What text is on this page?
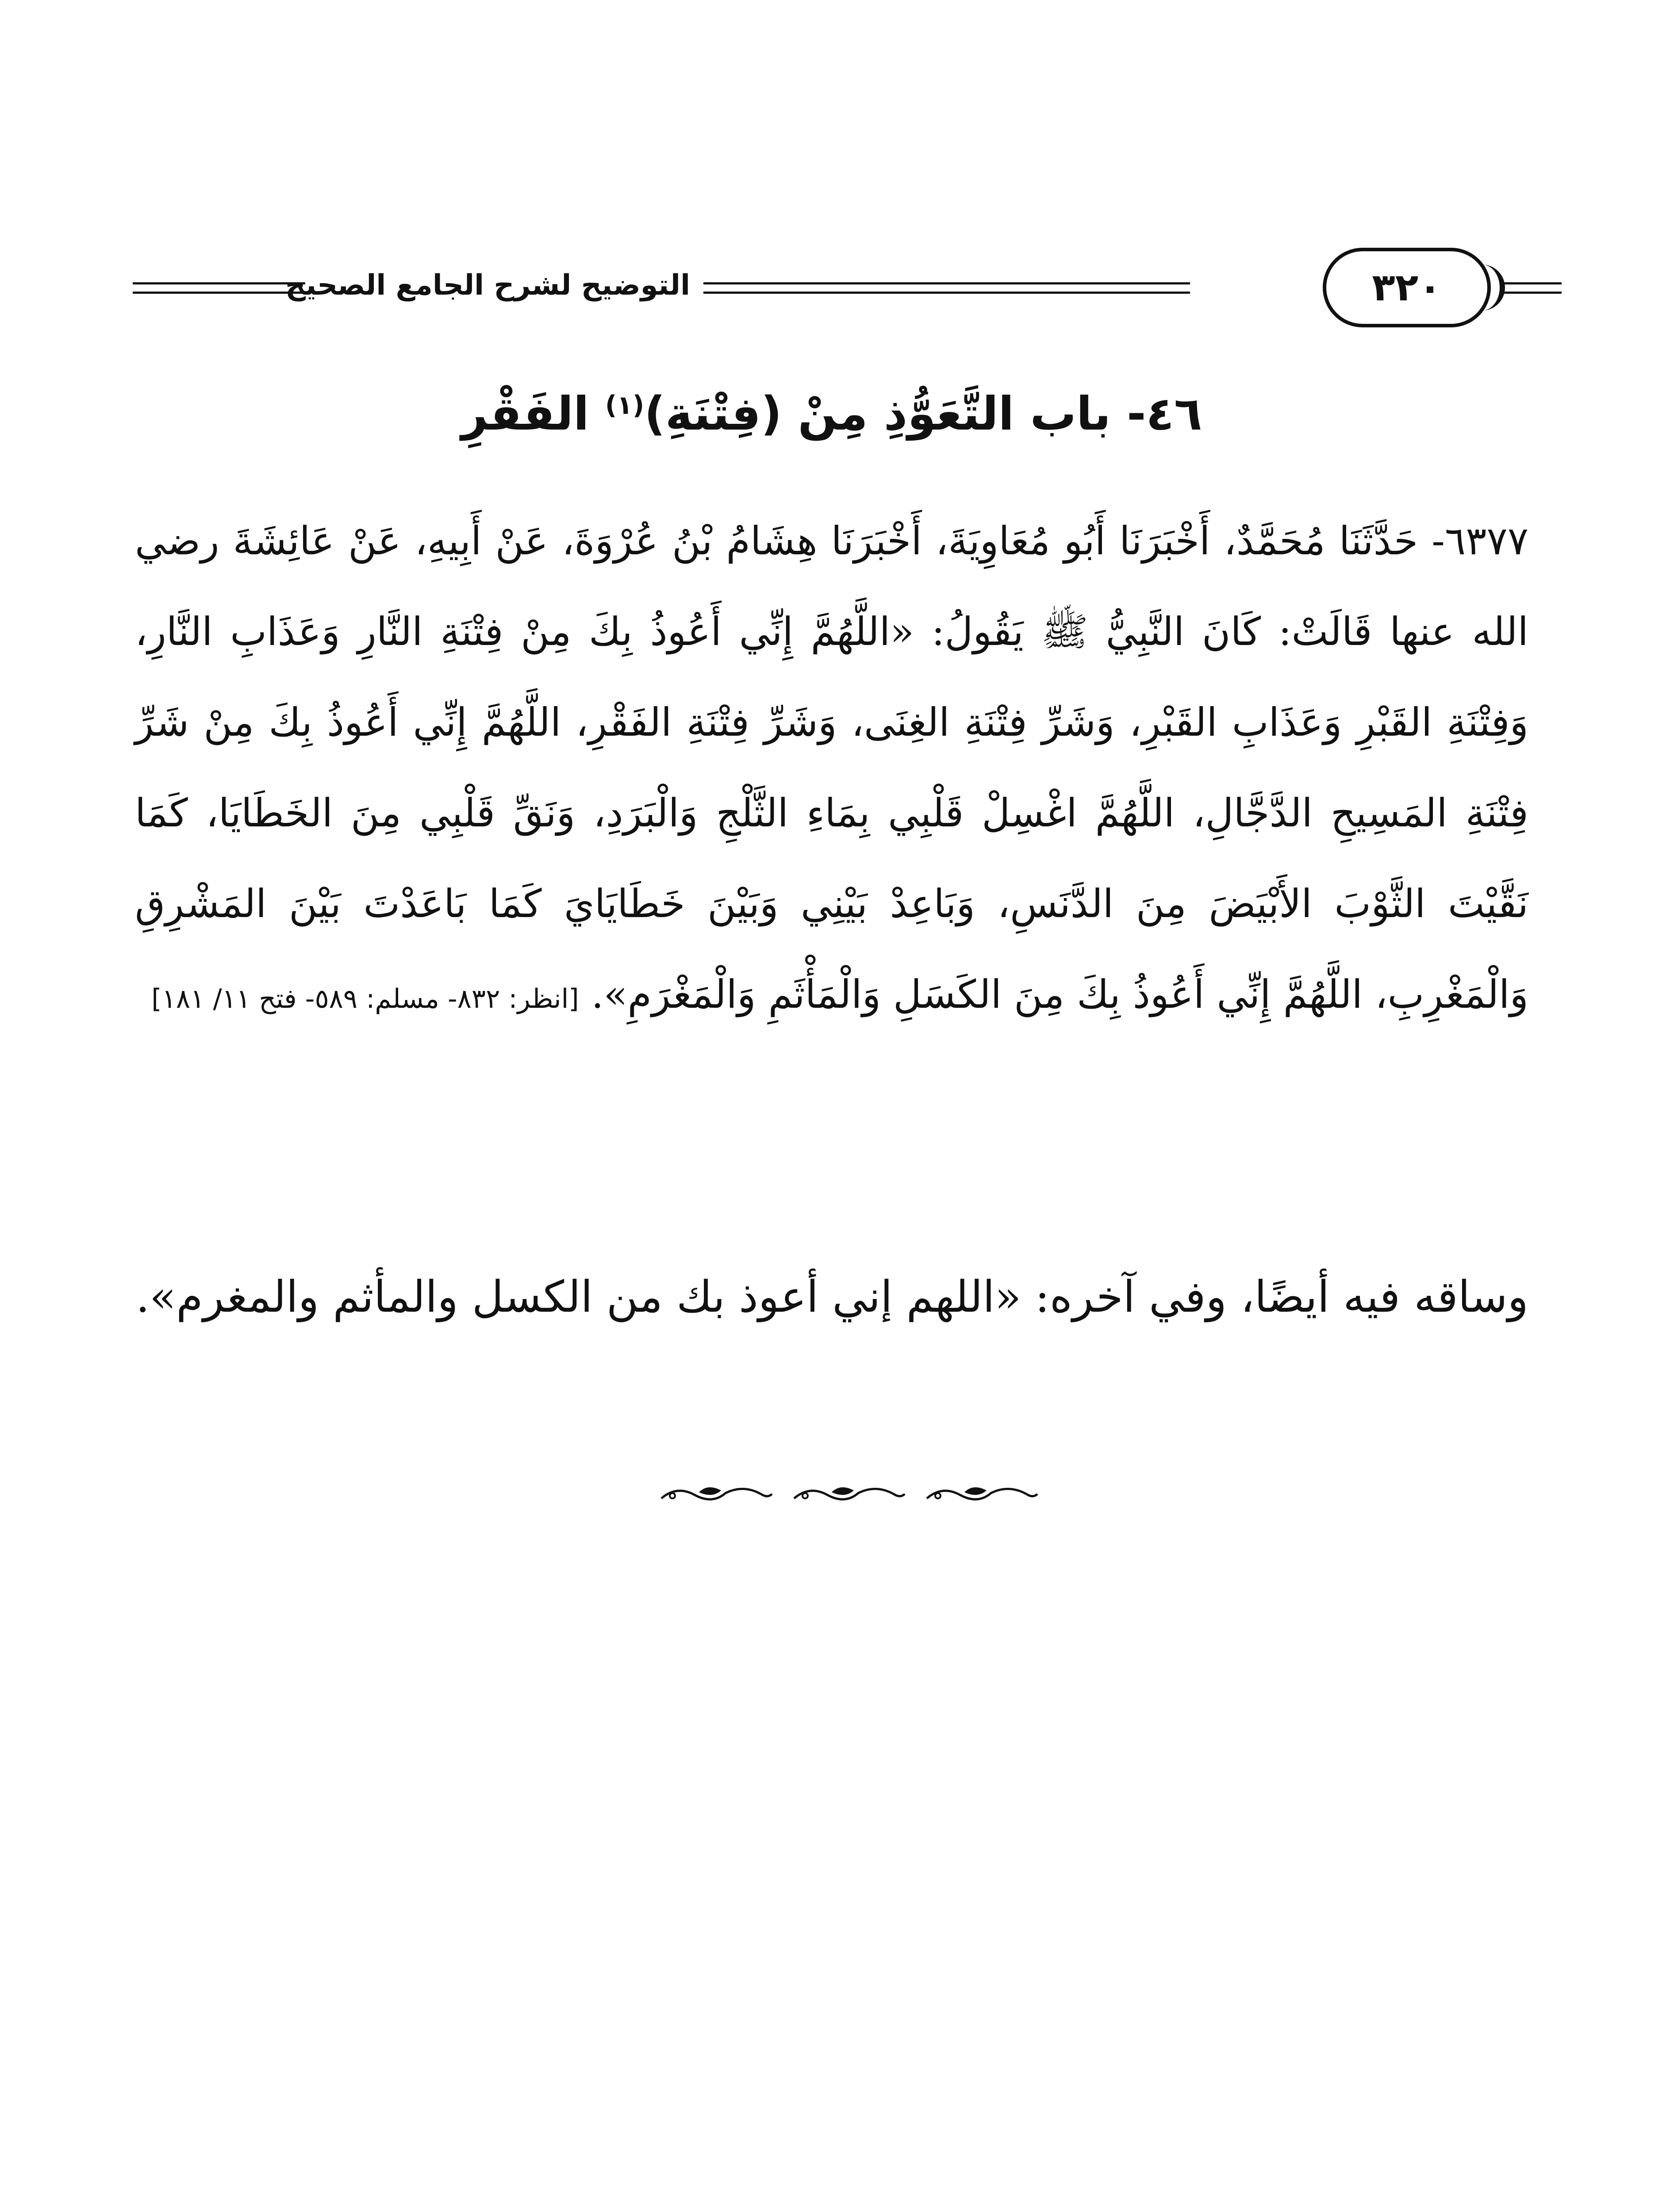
التوضيح لشرح الجامع الصحيح	٣٢٠
٤٦- باب التَّعَوُّذِ مِنْ (فِتْنَةِ)$^{(١)}$ الفَقْرِ
٦٣٧٧- حَدَّثَنَا مُحَمَّدٌ، أَخْبَرَنَا أَبُو مُعَاوِيَةَ، أَخْبَرَنَا هِشَامُ بْنُ عُرْوَةَ، عَنْ أَبِيهِ، عَنْ عَائِشَةَ رضي الله عنها قَالَتْ: كَانَ النَّبِيُّ ﷺ يَقُولُ: «اللَّهُمَّ إِنِّي أَعُوذُ بِكَ مِنْ فِتْنَةِ النَّارِ وَعَذَابِ النَّارِ، وَفِتْنَةِ القَبْرِ وَعَذَابِ القَبْرِ، وَشَرِّ فِتْنَةِ الغِنَى، وَشَرِّ فِتْنَةِ الفَقْرِ، اللَّهُمَّ إِنِّي أَعُوذُ بِكَ مِنْ شَرِّ فِتْنَةِ المَسِيحِ الدَّجَّالِ، اللَّهُمَّ اغْسِلْ قَلْبِي بِمَاءِ الثَّلْجِ وَالْبَرَدِ، وَنَقِّ قَلْبِي مِنَ الخَطَايَا، كَمَا نَقَّيْتَ الثَّوْبَ الأَبْيَضَ مِنَ الدَّنَسِ، وَبَاعِدْ بَيْنِي وَبَيْنَ خَطَايَايَ كَمَا بَاعَدْتَ بَيْنَ المَشْرِقِ وَالْمَغْرِبِ، اللَّهُمَّ إِنِّي أَعُوذُ بِكَ مِنَ الكَسَلِ وَالْمَأْثَمِ وَالْمَغْرَمِ». [انظر: ٨٣٢- مسلم: ٥٨٩- فتح ١١/ ١٨١]
وساقه فيه أيضًا، وفي آخره: «اللهم إني أعوذ بك من الكسل والمأثم والمغرم».
